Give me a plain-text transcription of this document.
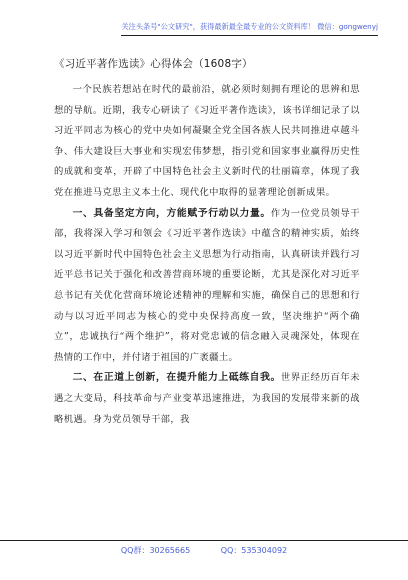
关注头条号"公文研究"，获得最新最全最专业的公文资料库！ 微信：gongwenyj
《习近平著作选读》心得体会（1608字）

一个民族若想站在时代的最前沿，就必须时刻拥有理论的思辨和思想的导航。近期，我专心研读了《习近平著作选读》，该书详细记录了以习近平同志为核心的党中央如何凝聚全党全国各族人民共同推进卓越斗争、伟大建设巨大事业和实现宏伟梦想，指引党和国家事业赢得历史性的成就和变革，开辟了中国特色社会主义新时代的壮丽篇章，体现了我党在推进马克思主义本土化、现代化中取得的显著理论创新成果。

一、具备坚定方向，方能赋予行动以力量。作为一位党员领导干部，我将深入学习和领会《习近平著作选读》中蕴含的精神实质，始终以习近平新时代中国特色社会主义思想为行动指南，认真研读并践行习近平总书记关于强化和改善营商环境的重要论断，尤其是深化对习近平总书记有关优化营商环境论述精神的理解和实施，确保自己的思想和行动与以习近平同志为核心的党中央保持高度一致，坚决维护“两个确立”，忠诚执行“两个维护”，将对党忠诚的信念融入灵魂深处，体现在热情的工作中，并付诸于祖国的广袤疆土。

二、在正道上创新，在提升能力上砥练自我。世界正经历百年未遇之大变局，科技革命与产业变革迅速推进，为我国的发展带来新的战略机遇。身为党员领导干部，我

QQ群：30265665	QQ：535304092
